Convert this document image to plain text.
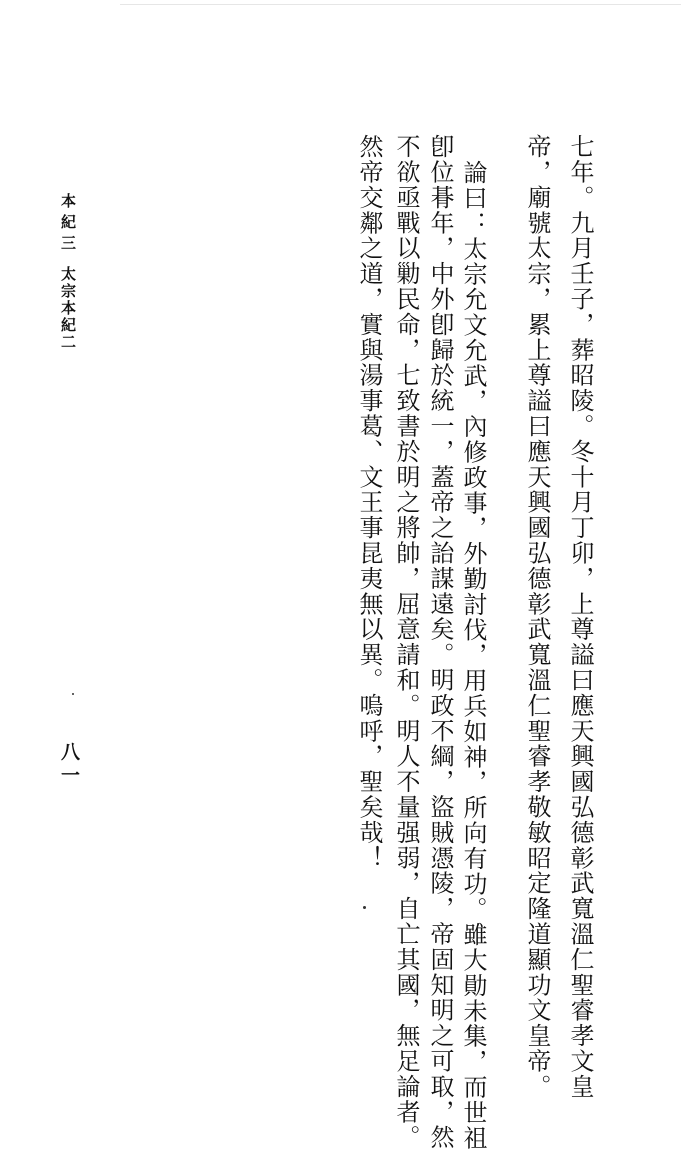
七年。九月壬子，葬昭陵。冬十月丁卯，上尊謚曰應天興國弘德彰武寬溫仁聖睿孝文皇
帝，廟號太宗，累上尊謚曰應天興國弘德彰武寬溫仁聖睿孝敬敏昭定隆道顯功文皇帝。
論曰：太宗允文允武，內修政事，外勤討伐，用兵如神，所向有功。雖大勛未集，而世祖
卽位朞年，中外卽歸於統一，蓋帝之詒謀遠矣。明政不綱，盜賊憑陵，帝固知明之可取，然
不欲亟戰以勦民命，七致書於明之將帥，屈意請和。明人不量强弱，自亡其國，無足論者。
然帝交鄰之道，實與湯事葛、文王事昆夷無以異。嗚呼，聖矣哉！
本紀三
太宗本紀二
八一
